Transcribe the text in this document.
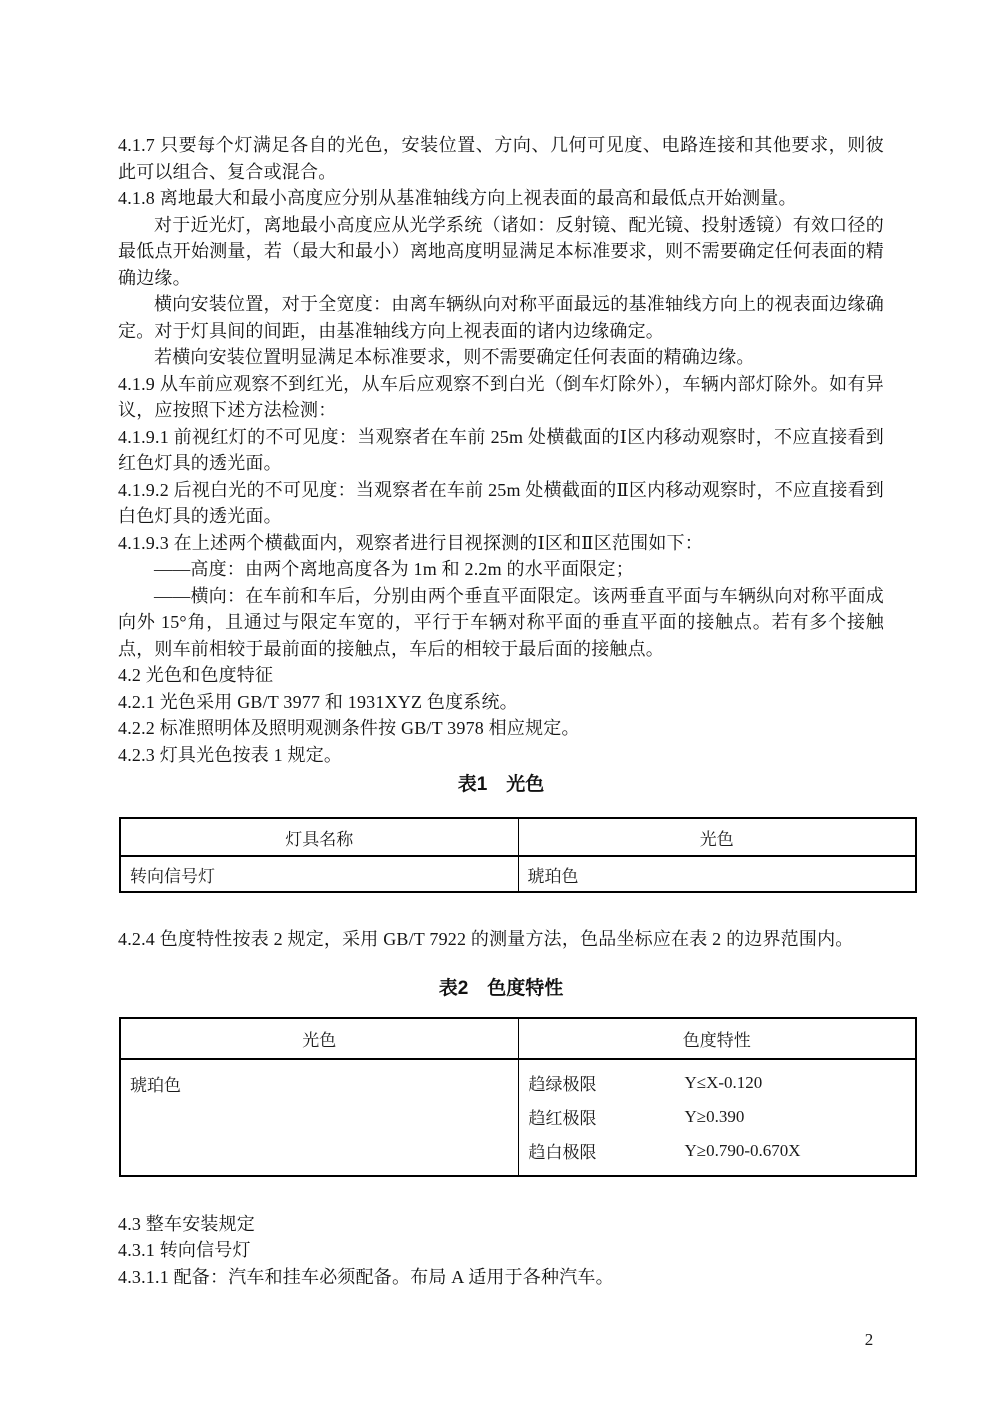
4.1.7 只要每个灯满足各自的光色，安装位置、方向、几何可见度、电路连接和其他要求，则彼此可以组合、复合或混合。

4.1.8 离地最大和最小高度应分别从基准轴线方向上视表面的最高和最低点开始测量。

对于近光灯，离地最小高度应从光学系统（诸如：反射镜、配光镜、投射透镜）有效口径的最低点开始测量，若（最大和最小）离地高度明显满足本标准要求，则不需要确定任何表面的精确边缘。

横向安装位置，对于全宽度：由离车辆纵向对称平面最远的基准轴线方向上的视表面边缘确定。对于灯具间的间距，由基准轴线方向上视表面的诸内边缘确定。

若横向安装位置明显满足本标准要求，则不需要确定任何表面的精确边缘。

4.1.9 从车前应观察不到红光，从车后应观察不到白光（倒车灯除外），车辆内部灯除外。如有异议，应按照下述方法检测：

4.1.9.1 前视红灯的不可见度：当观察者在车前 25m 处横截面的Ⅰ区内移动观察时，不应直接看到红色灯具的透光面。

4.1.9.2 后视白光的不可见度：当观察者在车前 25m 处横截面的Ⅱ区内移动观察时，不应直接看到白色灯具的透光面。

4.1.9.3 在上述两个横截面内，观察者进行目视探测的Ⅰ区和Ⅱ区范围如下：

——高度：由两个离地高度各为 1m 和 2.2m 的水平面限定；

——横向：在车前和车后，分别由两个垂直平面限定。该两垂直平面与车辆纵向对称平面成向外 15°角，且通过与限定车宽的，平行于车辆对称平面的垂直平面的接触点。若有多个接触点，则车前相较于最前面的接触点，车后的相较于最后面的接触点。

4.2 光色和色度特征

4.2.1 光色采用 GB/T 3977 和 1931XYZ 色度系统。

4.2.2 标准照明体及照明观测条件按 GB/T 3978 相应规定。

4.2.3 灯具光色按表 1 规定。

表1　光色
灯具名称	光色
转向信号灯	琥珀色

4.2.4 色度特性按表 2 规定，采用 GB/T 7922 的测量方法，色品坐标应在表 2 的边界范围内。

表2　色度特性
光色	色度特性
琥珀色	趋绿极限	Y≤X-0.120
趋红极限	Y≥0.390
趋白极限	Y≥0.790-0.670X

4.3 整车安装规定

4.3.1 转向信号灯

4.3.1.1 配备：汽车和挂车必须配备。布局 A 适用于各种汽车。

2
